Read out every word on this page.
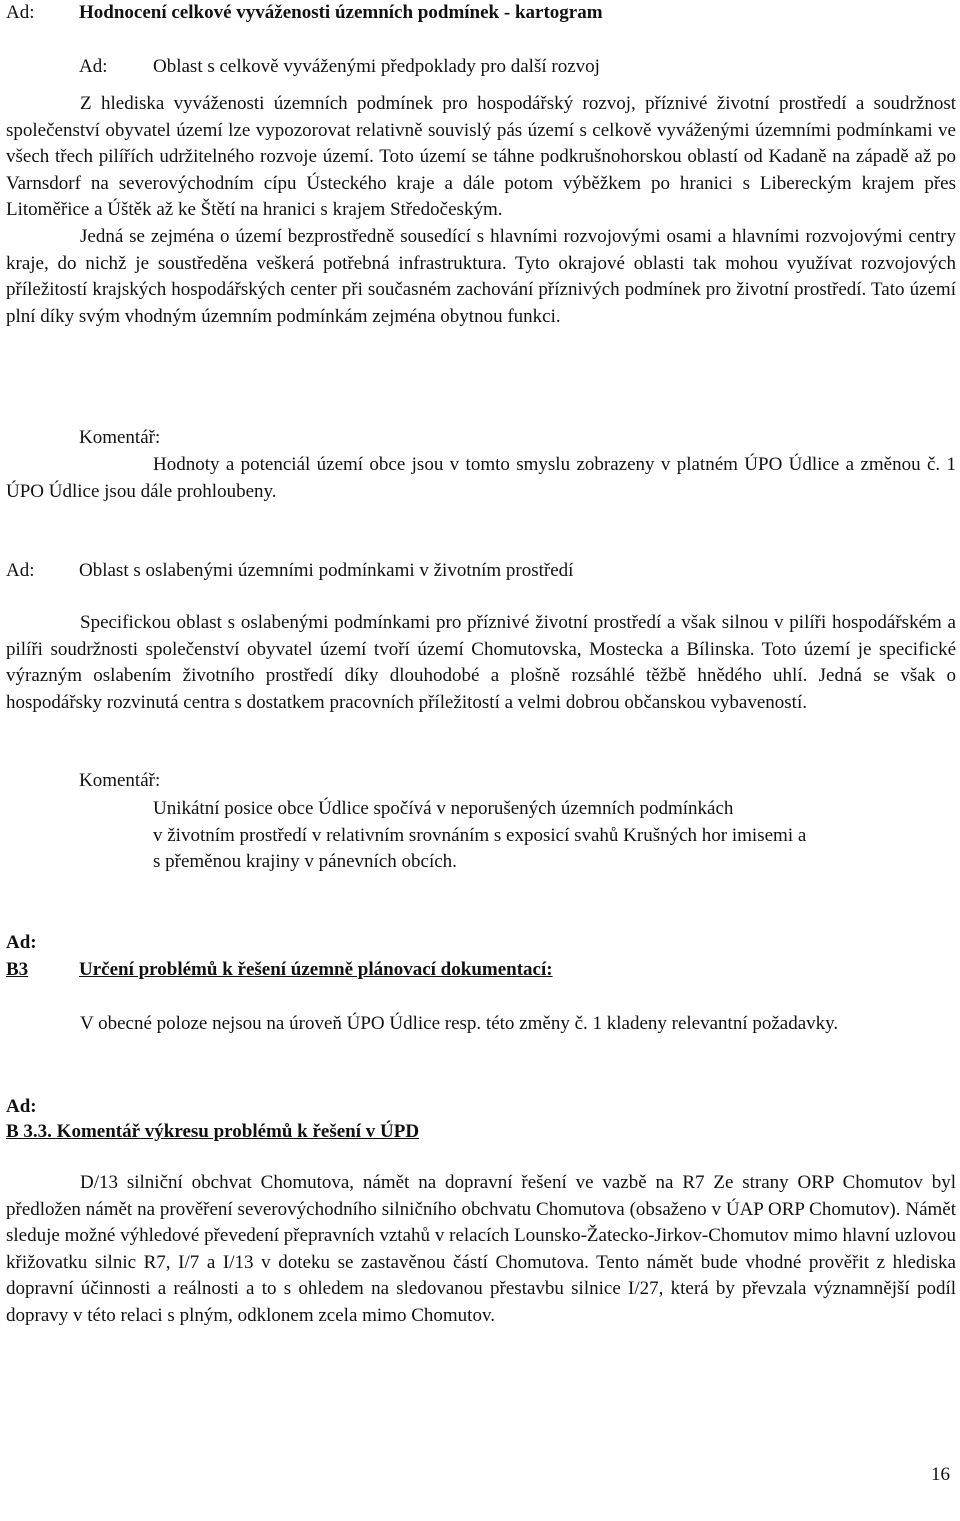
Ad: Hodnocení celkové vyváženosti územních podmínek - kartogram
Ad: Oblast s celkově vyváženými předpoklady pro další rozvoj

Z hlediska vyváženosti územních podmínek pro hospodářský rozvoj, příznivé životní prostředí a soudržnost společenství obyvatel území lze vypozorovat relativně souvislý pás území s celkově vyváženými územními podmínkami ve všech třech pilířích udržitelného rozvoje území. Toto území se táhne podkrušnohorskou oblastí od Kadaně na západě až po Varnsdorf na severovýchodním cípu Ústeckého kraje a dále potom výběžkem po hranici s Libereckým krajem přes Litoměřice a Úštěk až ke Štětí na hranici s krajem Středočeským.

Jedná se zejména o území bezprostředně sousedící s hlavními rozvojovými osami a hlavními rozvojovými centry kraje, do nichž je soustředěna veškerá potřebná infrastruktura. Tyto okrajové oblasti tak mohou využívat rozvojových příležitostí krajských hospodářských center při současném zachování příznivých podmínek pro životní prostředí. Tato území plní díky svým vhodným územním podmínkám zejména obytnou funkci.

Komentář:

Hodnoty a potenciál území obce jsou v tomto smyslu zobrazeny v platném ÚPO Údlice a změnou č. 1 ÚPO Údlice jsou dále prohloubeny.

Ad: Oblast s oslabenými územními podmínkami v životním prostředí

Specifickou oblast s oslabenými podmínkami pro příznivé životní prostředí a však silnou v pilíři hospodářském a pilíři soudržnosti společenství obyvatel území tvoří území Chomutovska, Mostecka a Bílinska. Toto území je specifické výrazným oslabením životního prostředí díky dlouhodobé a plošně rozsáhlé těžbě hnědého uhlí. Jedná se však o hospodářsky rozvinutá centra s dostatkem pracovních příležitostí a velmi dobrou občanskou vybaveností.

Komentář:
Unikátní posice obce Údlice spočívá v neporušených územních podmínkách
v životním prostředí v relativním srovnáním s exposicí svahů Krušných hor imisemi a
s přeměnou krajiny v pánevních obcích.
Ad:
B3	Určení problémů k řešení územně plánovací dokumentací:

V obecné poloze nejsou na úroveň ÚPO Údlice resp. této změny č. 1 kladeny relevantní požadavky.

Ad:
B 3.3. Komentář výkresu problémů k řešení v ÚPD

D/13 silniční obchvat Chomutova, námět na dopravní řešení ve vazbě na R7 Ze strany ORP Chomutov byl předložen námět na prověření severovýchodního silničního obchvatu Chomutova (obsaženo v ÚAP ORP Chomutov). Námět sleduje možné výhledové převedení přepravních vztahů v relacích Lounsko-Žatecko-Jirkov-Chomutov mimo hlavní uzlovou křižovatku silnic R7, I/7 a I/13 v doteku se zastavěnou částí Chomutova. Tento námět bude vhodné prověřit z hlediska dopravní účinnosti a reálnosti a to s ohledem na sledovanou přestavbu silnice I/27, která by převzala významnější podíl dopravy v této relaci s plným, odklonem zcela mimo Chomutov.

16
